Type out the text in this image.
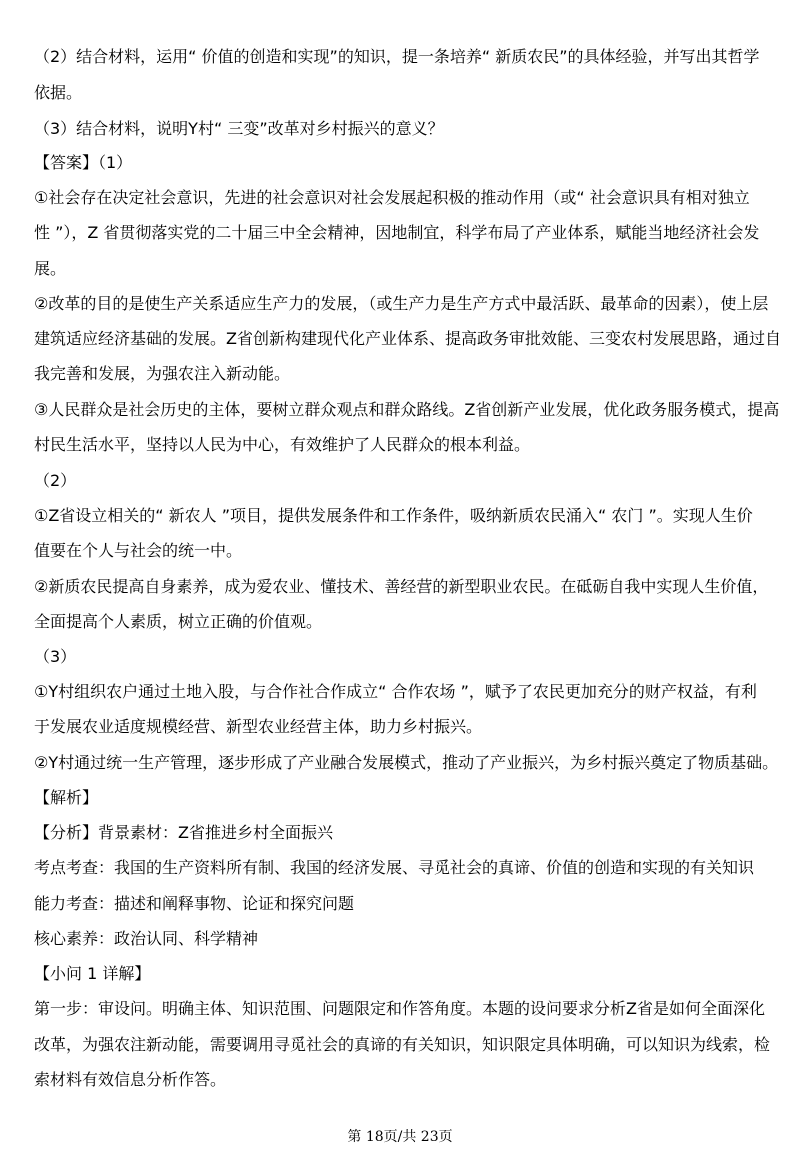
（2）结合材料，运用“ 价值的创造和实现”的知识，提一条培养“ 新质农民”的具体经验，并写出其哲学
依据。
（3）结合材料，说明Y村“ 三变”改革对乡村振兴的意义？
【答案】（1）
①社会存在决定社会意识，先进的社会意识对社会发展起积极的推动作用（或“ 社会意识具有相对独立
性 ”），Z 省贯彻落实党的二十届三中全会精神，因地制宜，科学布局了产业体系，赋能当地经济社会发
展。
②改革的目的是使生产关系适应生产力的发展，（或生产力是生产方式中最活跃、最革命的因素），使上层
建筑适应经济基础的发展。Z省创新构建现代化产业体系、提高政务审批效能、三变农村发展思路，通过自
我完善和发展，为强农注入新动能。
③人民群众是社会历史的主体，要树立群众观点和群众路线。Z省创新产业发展，优化政务服务模式，提高
村民生活水平，坚持以人民为中心，有效维护了人民群众的根本利益。
（2）
①Z省设立相关的“ 新农人 ”项目，提供发展条件和工作条件，吸纳新质农民涌入“ 农门 ”。实现人生价
值要在个人与社会的统一中。
②新质农民提高自身素养，成为爱农业、懂技术、善经营的新型职业农民。在砥砺自我中实现人生价值，
全面提高个人素质，树立正确的价值观。
（3）
①Y村组织农户通过土地入股，与合作社合作成立“ 合作农场 ”，赋予了农民更加充分的财产权益，有利
于发展农业适度规模经营、新型农业经营主体，助力乡村振兴。
②Y村通过统一生产管理，逐步形成了产业融合发展模式，推动了产业振兴，为乡村振兴奠定了物质基础。
【解析】
【分析】背景素材：Z省推进乡村全面振兴
考点考查：我国的生产资料所有制、我国的经济发展、寻觅社会的真谛、价值的创造和实现的有关知识
能力考查：描述和阐释事物、论证和探究问题
核心素养：政治认同、科学精神
【小问 1 详解】
第一步：审设问。明确主体、知识范围、问题限定和作答角度。本题的设问要求分析Z省是如何全面深化
改革，为强农注新动能，需要调用寻觅社会的真谛的有关知识，知识限定具体明确，可以知识为线索，检
索材料有效信息分析作答。
第 18页/共 23页
